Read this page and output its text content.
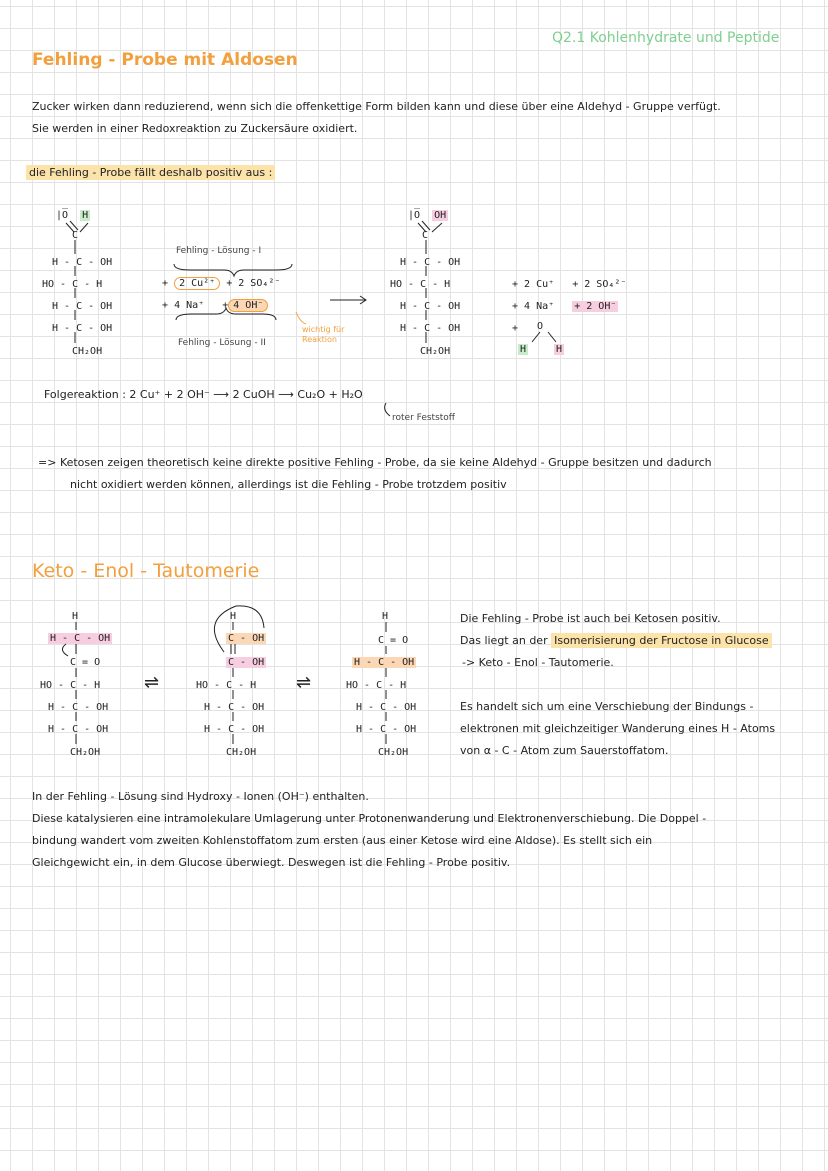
Q2.1 Kohlenhydrate und Peptide
Fehling - Probe mit Aldosen
Zucker wirken dann reduzierend, wenn sich die offenkettige Form bilden kann und diese über eine Aldehyd - Gruppe verfügt.
Sie werden in einer Redoxreaktion zu Zuckersäure oxidiert.
die Fehling - Probe fällt deshalb positiv aus :
|O̅ H
C
H - C - OH
HO - C - H
H - C - OH
H - C - OH
CH₂OH
Fehling - Lösung - I
+ 2 Cu²⁺ + 2 SO₄²⁻
+ 4 Na⁺ + 4 OH⁻
Fehling - Lösung - II
wichtig für Reaktion
|O̅ OH
C
H - C - OH
HO - C - H
H - C - OH
H - C - OH
CH₂OH
+ 2 Cu⁺ + 2 SO₄²⁻
+ 4 Na⁺ + 2 OH⁻
+ O
H	H
Folgereaktion : 2 Cu⁺ + 2 OH⁻ ⟶ 2 CuOH ⟶ Cu₂O + H₂O
roter Feststoff
=> Ketosen zeigen theoretisch keine direkte positive Fehling - Probe, da sie keine Aldehyd - Gruppe besitzen und dadurch
nicht oxidiert werden können, allerdings ist die Fehling - Probe trotzdem positiv
Keto - Enol - Tautomerie
H
H - C - OH
C = O
HO - C - H
H - C - OH
H - C - OH
CH₂OH
⇌
H
C - OH
C - OH
HO - C - H
H - C - OH
H - C - OH
CH₂OH
⇌
H
C = O
H - C - OH
HO - C - H
H - C - OH
H - C - OH
CH₂OH
Die Fehling - Probe ist auch bei Ketosen positiv.
Das liegt an der Isomerisierung der Fructose in Glucose
-> Keto - Enol - Tautomerie.
Es handelt sich um eine Verschiebung der Bindungs -
elektronen mit gleichzeitiger Wanderung eines H - Atoms
von α - C - Atom zum Sauerstoffatom.
In der Fehling - Lösung sind Hydroxy - Ionen (OH⁻) enthalten.
Diese katalysieren eine intramolekulare Umlagerung unter Protonenwanderung und Elektronenverschiebung. Die Doppel -
bindung wandert vom zweiten Kohlenstoffatom zum ersten (aus einer Ketose wird eine Aldose). Es stellt sich ein
Gleichgewicht ein, in dem Glucose überwiegt. Deswegen ist die Fehling - Probe positiv.
